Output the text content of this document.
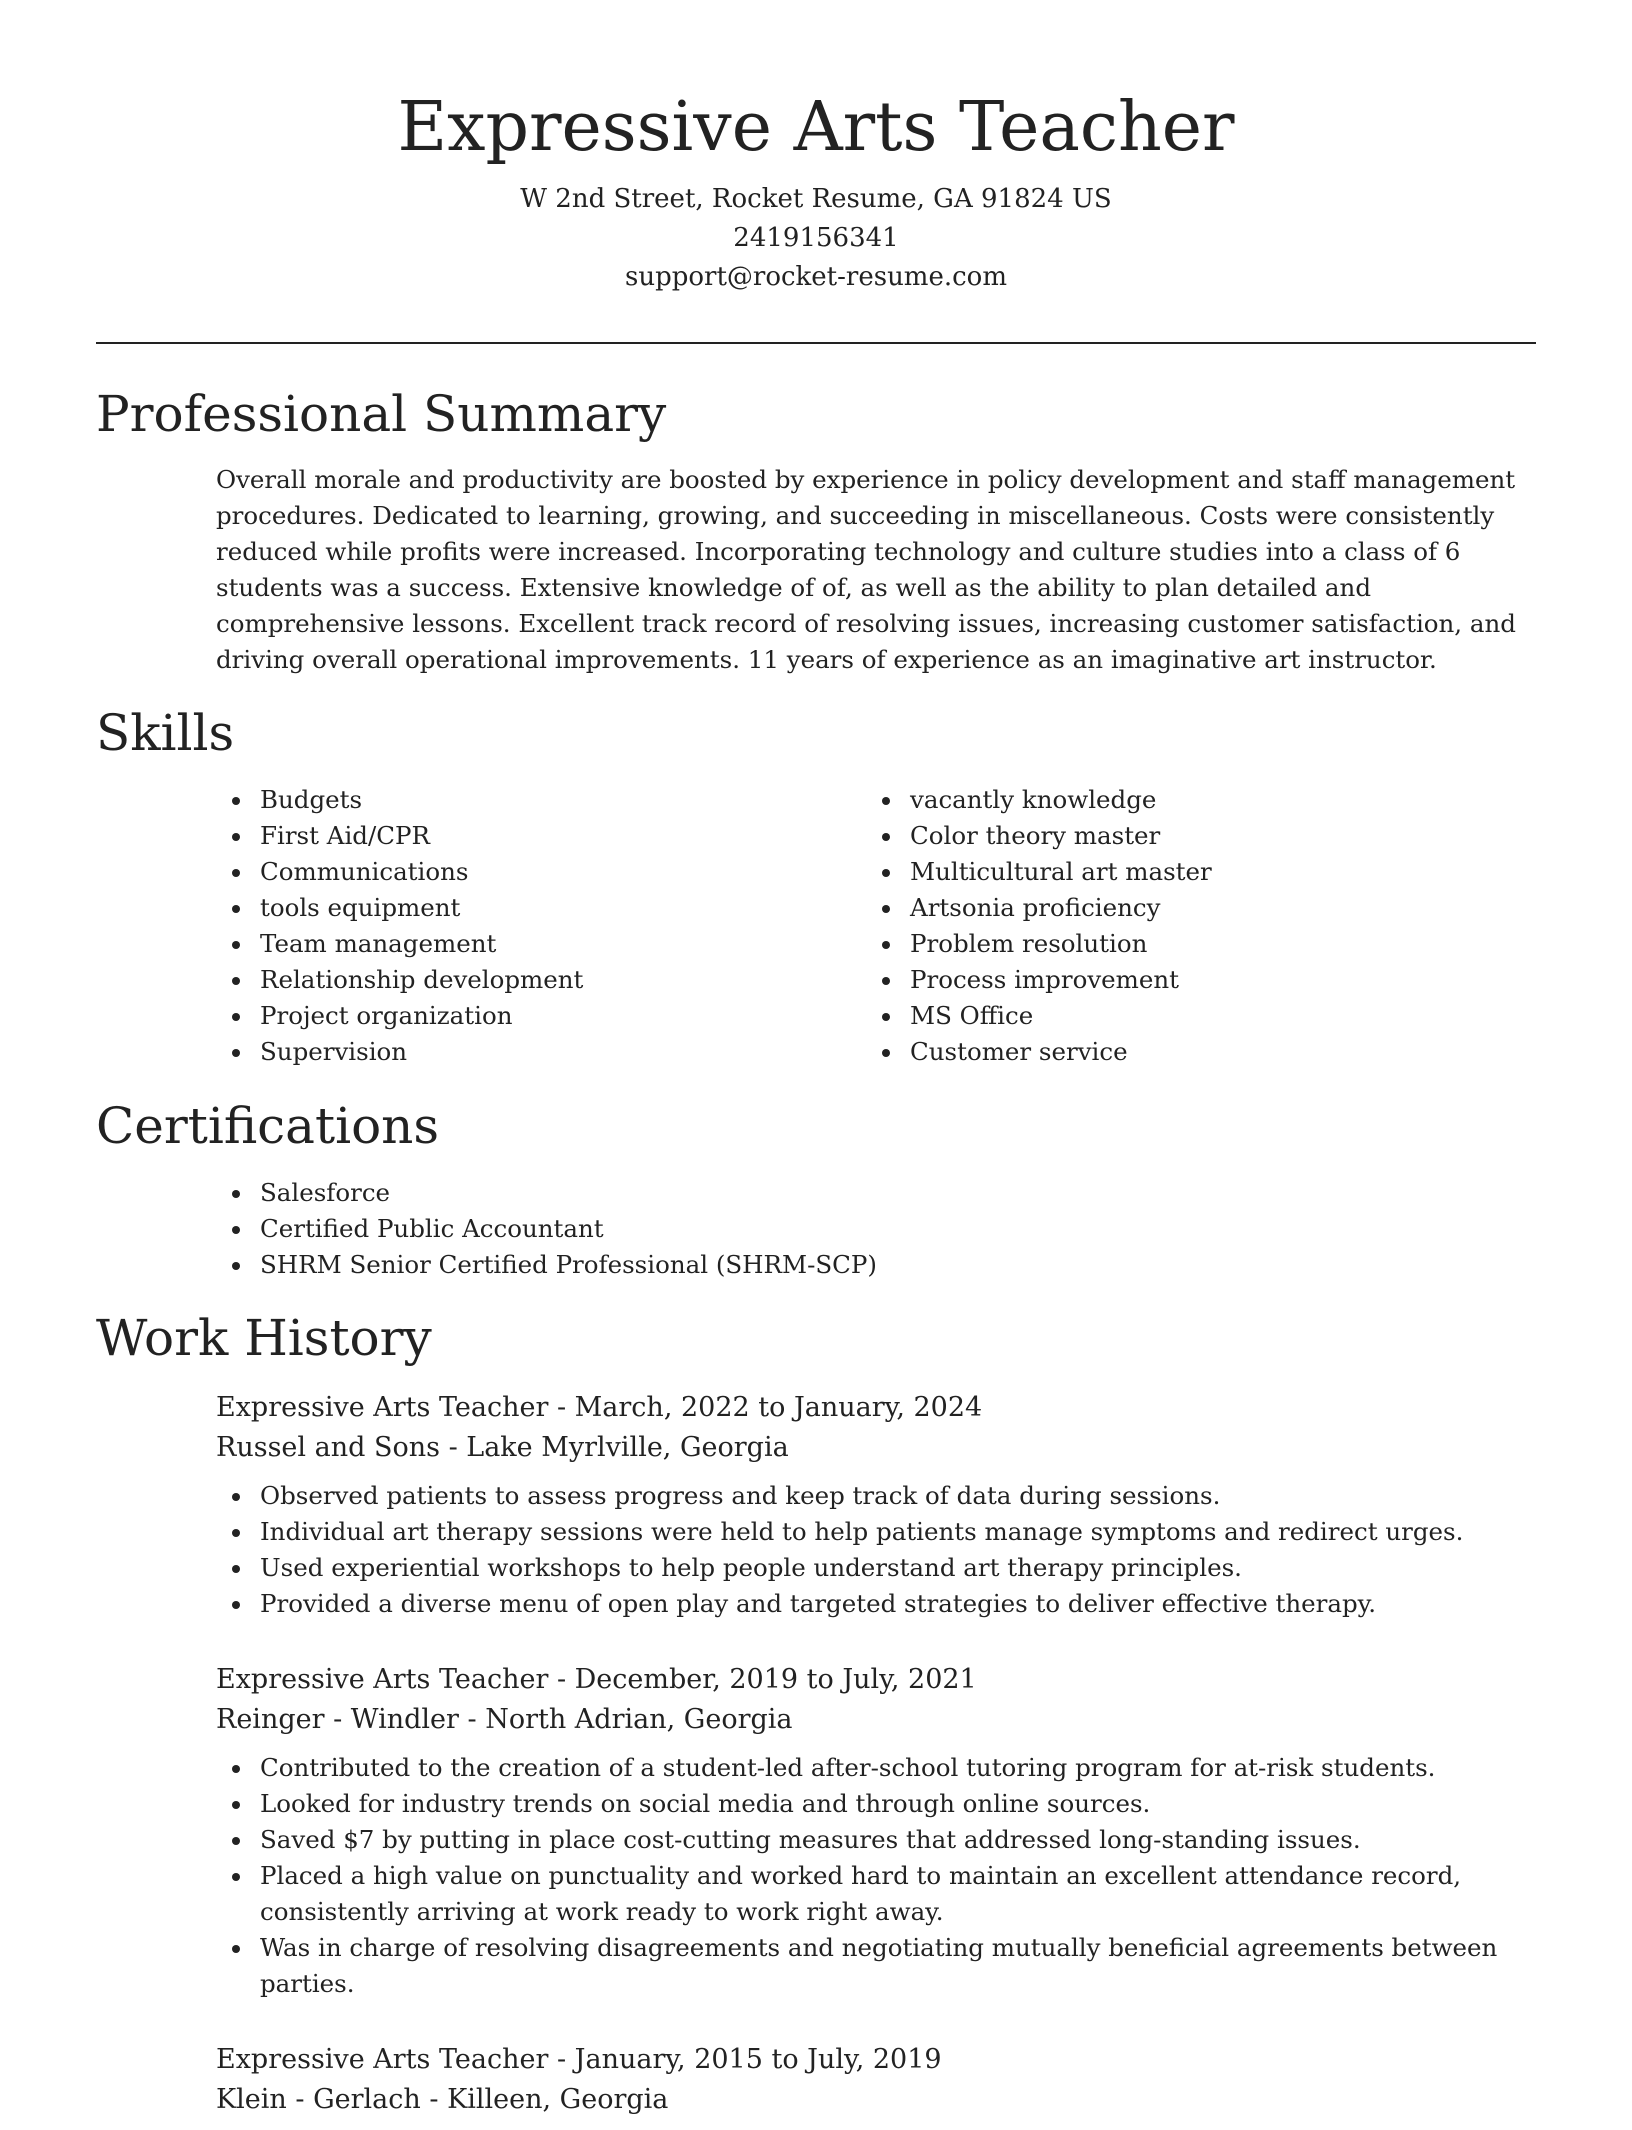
Expressive Arts Teacher
W 2nd Street, Rocket Resume, GA 91824 US
2419156341
support@rocket-resume.com
Professional Summary

Overall morale and productivity are boosted by experience in policy development and staff management procedures. Dedicated to learning, growing, and succeeding in miscellaneous. Costs were consistently reduced while profits were increased. Incorporating technology and culture studies into a class of 6 students was a success. Extensive knowledge of of, as well as the ability to plan detailed and comprehensive lessons. Excellent track record of resolving issues, increasing customer satisfaction, and driving overall operational improvements. 11 years of experience as an imaginative art instructor.

Skills
Budgets
First Aid/CPR
Communications
tools equipment
Team management
Relationship development
Project organization
Supervision
vacantly knowledge
Color theory master
Multicultural art master
Artsonia proficiency
Problem resolution
Process improvement
MS Office
Customer service
Certifications
Salesforce
Certified Public Accountant
SHRM Senior Certified Professional (SHRM-SCP)
Work History
Expressive Arts Teacher - March, 2022 to January, 2024
Russel and Sons - Lake Myrlville, Georgia
Observed patients to assess progress and keep track of data during sessions.
Individual art therapy sessions were held to help patients manage symptoms and redirect urges.
Used experiential workshops to help people understand art therapy principles.
Provided a diverse menu of open play and targeted strategies to deliver effective therapy.
Expressive Arts Teacher - December, 2019 to July, 2021
Reinger - Windler - North Adrian, Georgia
Contributed to the creation of a student-led after-school tutoring program for at-risk students.
Looked for industry trends on social media and through online sources.
Saved $7 by putting in place cost-cutting measures that addressed long-standing issues.
Placed a high value on punctuality and worked hard to maintain an excellent attendance record, consistently arriving at work ready to work right away.
Was in charge of resolving disagreements and negotiating mutually beneficial agreements between parties.
Expressive Arts Teacher - January, 2015 to July, 2019
Klein - Gerlach - Killeen, Georgia
